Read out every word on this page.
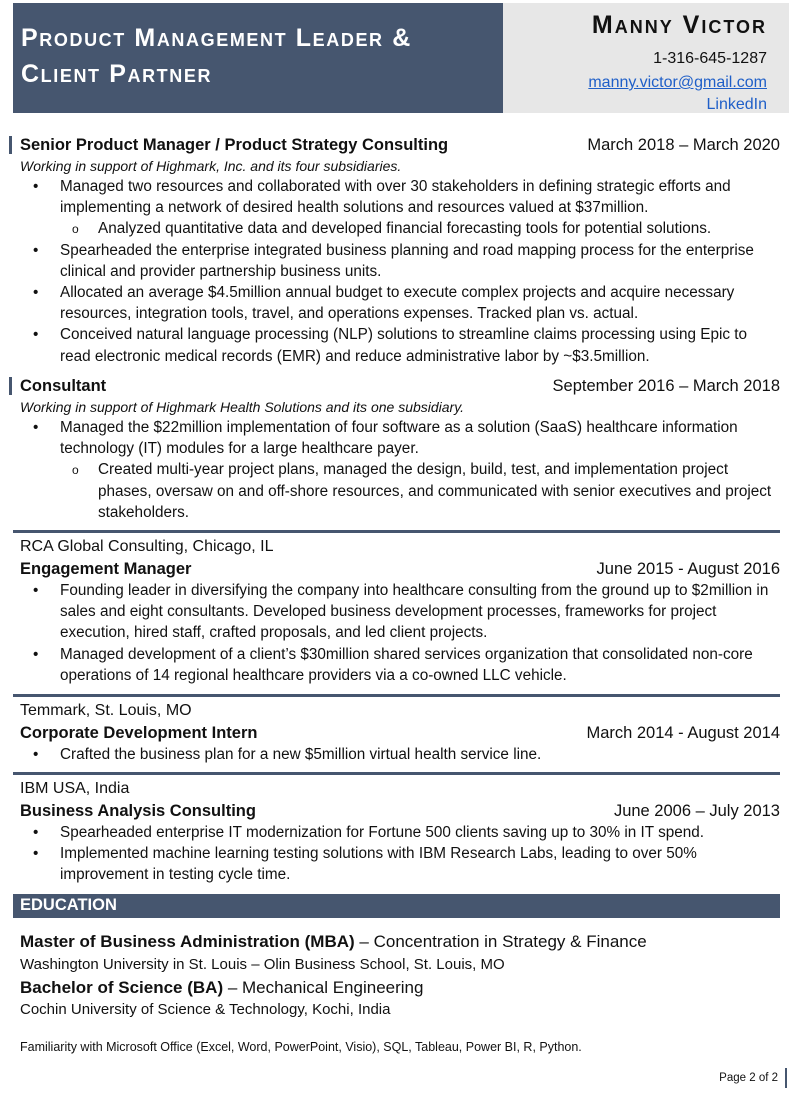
Product Management Leader &
Client Partner
Manny Victor
1-316-645-1287
manny.victor@gmail.com
LinkedIn
Senior Product Manager / Product Strategy Consulting	March 2018 – March 2020
Working in support of Highmark, Inc. and its four subsidiaries.
• Managed two resources and collaborated with over 30 stakeholders in defining strategic efforts and implementing a network of desired health solutions and resources valued at $37million.
o Analyzed quantitative data and developed financial forecasting tools for potential solutions.
• Spearheaded the enterprise integrated business planning and road mapping process for the enterprise clinical and provider partnership business units.
• Allocated an average $4.5million annual budget to execute complex projects and acquire necessary resources, integration tools, travel, and operations expenses. Tracked plan vs. actual.
• Conceived natural language processing (NLP) solutions to streamline claims processing using Epic to read electronic medical records (EMR) and reduce administrative labor by ~$3.5million.
Consultant	September 2016 – March 2018
Working in support of Highmark Health Solutions and its one subsidiary.
• Managed the $22million implementation of four software as a solution (SaaS) healthcare information technology (IT) modules for a large healthcare payer.
o Created multi-year project plans, managed the design, build, test, and implementation project phases, oversaw on and off-shore resources, and communicated with senior executives and project stakeholders.
RCA Global Consulting, Chicago, IL
Engagement Manager	June 2015 - August 2016
• Founding leader in diversifying the company into healthcare consulting from the ground up to $2million in sales and eight consultants. Developed business development processes, frameworks for project execution, hired staff, crafted proposals, and led client projects.
• Managed development of a client’s $30million shared services organization that consolidated non-core operations of 14 regional healthcare providers via a co-owned LLC vehicle.
Temmark, St. Louis, MO
Corporate Development Intern	March 2014 - August 2014
• Crafted the business plan for a new $5million virtual health service line.
IBM USA, India
Business Analysis Consulting	June 2006 – July 2013
• Spearheaded enterprise IT modernization for Fortune 500 clients saving up to 30% in IT spend.
• Implemented machine learning testing solutions with IBM Research Labs, leading to over 50% improvement in testing cycle time.
EDUCATION
Master of Business Administration (MBA) – Concentration in Strategy & Finance
Washington University in St. Louis – Olin Business School, St. Louis, MO
Bachelor of Science (BA) – Mechanical Engineering
Cochin University of Science & Technology, Kochi, India
Familiarity with Microsoft Office (Excel, Word, PowerPoint, Visio), SQL, Tableau, Power BI, R, Python.
Page 2 of 2
